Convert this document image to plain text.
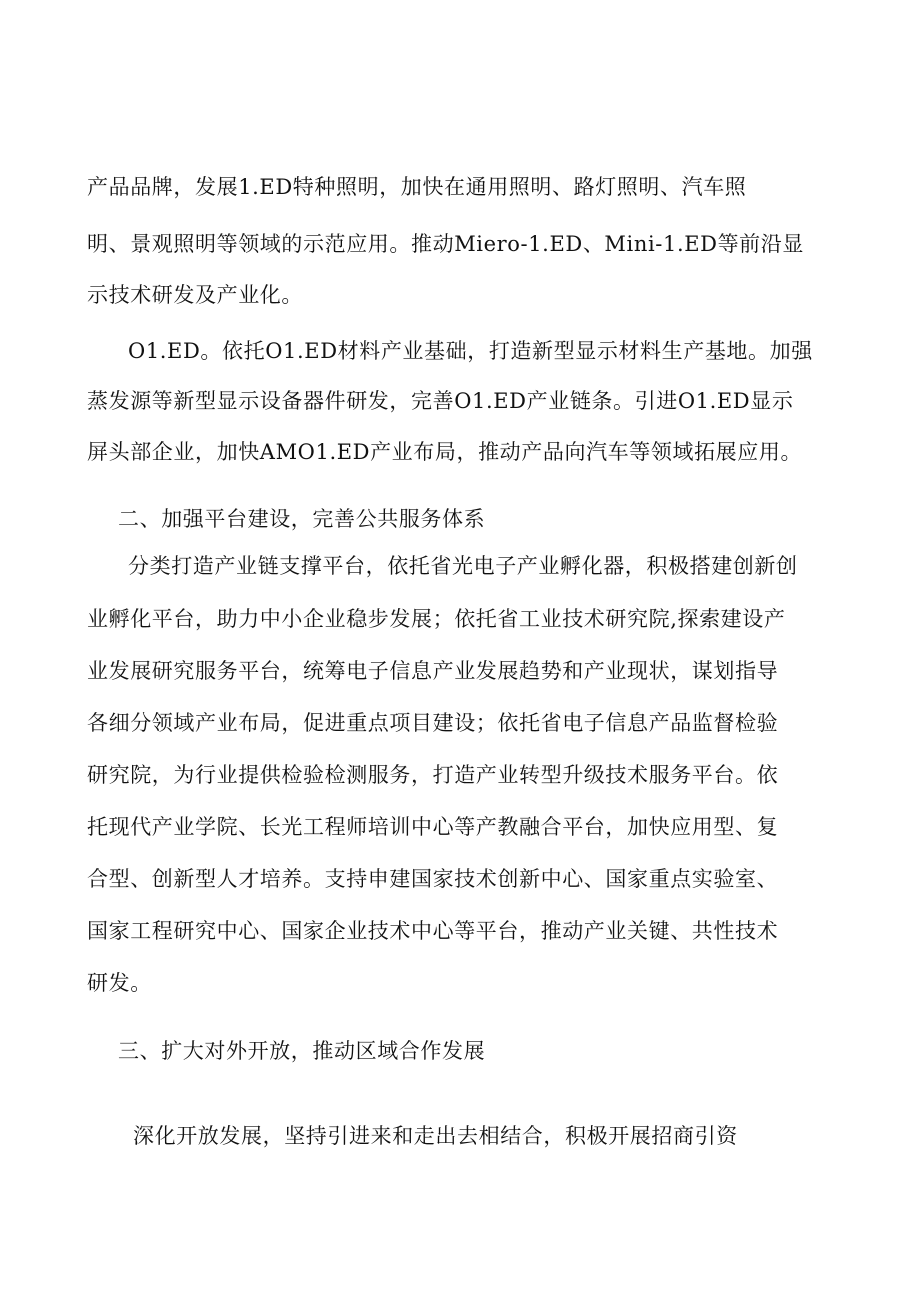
产品品牌，发展1.ED特种照明，加快在通用照明、路灯照明、汽车照
明、景观照明等领域的示范应用。推动Miero-1.ED、Mini-1.ED等前沿显
示技术研发及产业化。
O1.ED。依托O1.ED材料产业基础，打造新型显示材料生产基地。加强
蒸发源等新型显示设备器件研发，完善O1.ED产业链条。引进O1.ED显示
屏头部企业，加快AMO1.ED产业布局，推动产品向汽车等领域拓展应用。
二、加强平台建设，完善公共服务体系
分类打造产业链支撑平台，依托省光电子产业孵化器，积极搭建创新创
业孵化平台，助力中小企业稳步发展；依托省工业技术研究院,探索建设产
业发展研究服务平台，统筹电子信息产业发展趋势和产业现状，谋划指导
各细分领域产业布局，促进重点项目建设；依托省电子信息产品监督检验
研究院，为行业提供检验检测服务，打造产业转型升级技术服务平台。依
托现代产业学院、长光工程师培训中心等产教融合平台，加快应用型、复
合型、创新型人才培养。支持申建国家技术创新中心、国家重点实验室、
国家工程研究中心、国家企业技术中心等平台，推动产业关键、共性技术
研发。
三、扩大对外开放，推动区域合作发展
深化开放发展，坚持引进来和走出去相结合，积极开展招商引资
